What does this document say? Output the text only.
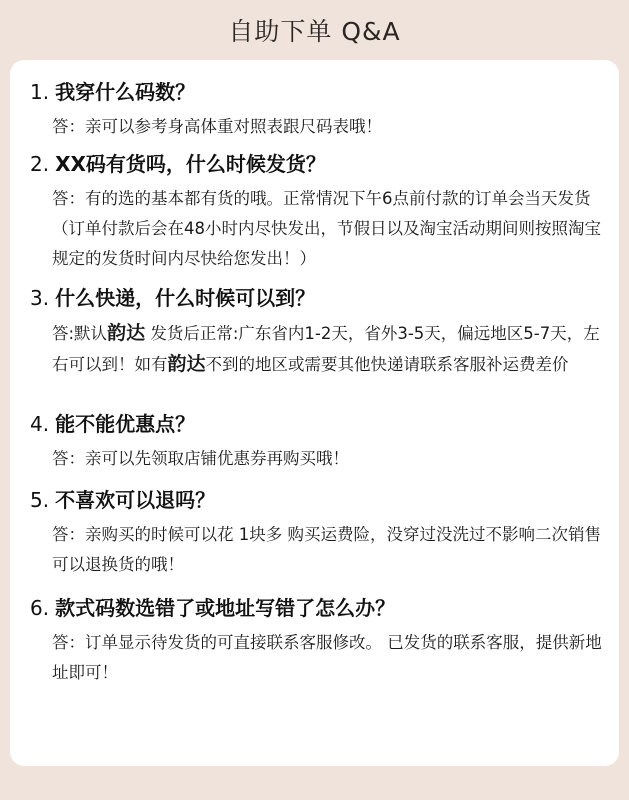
自助下单 Q&A
1. 我穿什么码数？
答：亲可以参考身高体重对照表跟尺码表哦！
2. XX码有货吗，什么时候发货？
答：有的选的基本都有货的哦。正常情况下午6点前付款的订单会当天发货（订单付款后会在48小时内尽快发出，节假日以及淘宝活动期间则按照淘宝规定的发货时间内尽快给您发出！）
3. 什么快递，什么时候可以到？
答:默认韵达 发货后正常:广东省内1-2天，省外3-5天，偏远地区5-7天，左右可以到！如有韵达不到的地区或需要其他快递请联系客服补运费差价
4. 能不能优惠点？
答：亲可以先领取店铺优惠券再购买哦！
5. 不喜欢可以退吗？
答：亲购买的时候可以花 1块多 购买运费险，没穿过没洗过不影响二次销售可以退换货的哦！
6. 款式码数选错了或地址写错了怎么办？
答：订单显示待发货的可直接联系客服修改。 已发货的联系客服，提供新地址即可！
